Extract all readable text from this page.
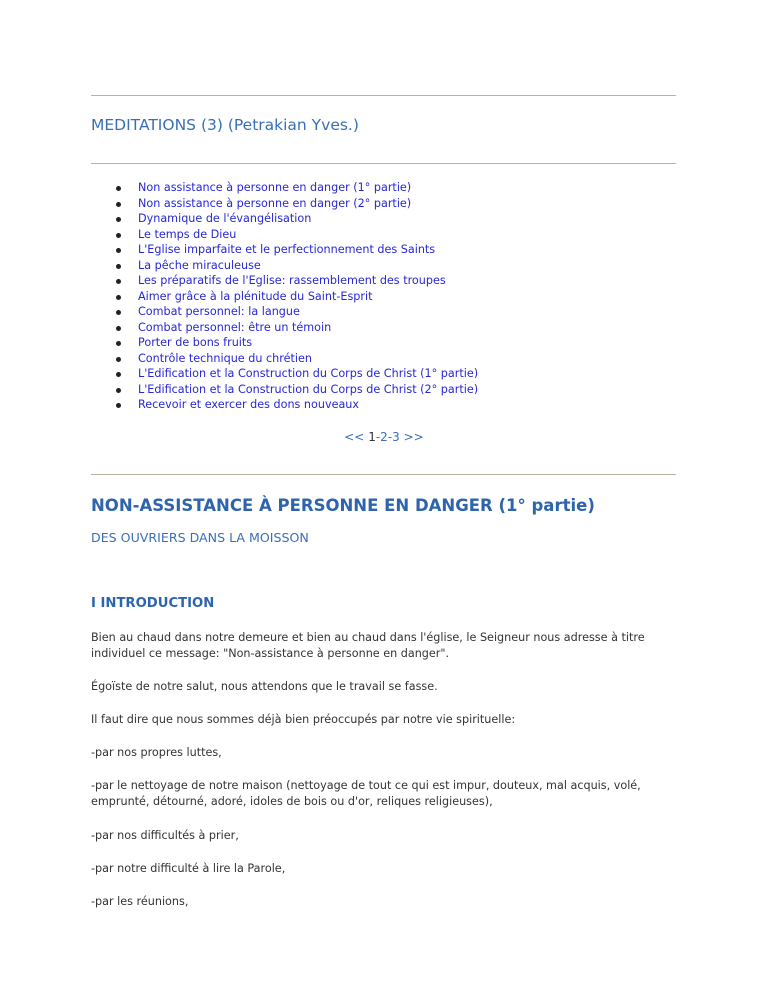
MEDITATIONS (3) (Petrakian Yves.)
Non assistance à personne en danger (1° partie)
Non assistance à personne en danger (2° partie)
Dynamique de l'évangélisation
Le temps de Dieu
L'Eglise imparfaite et le perfectionnement des Saints
La pêche miraculeuse
Les préparatifs de l'Eglise: rassemblement des troupes
Aimer grâce à la plénitude du Saint-Esprit
Combat personnel: la langue
Combat personnel: être un témoin
Porter de bons fruits
Contrôle technique du chrétien
L'Edification et la Construction du Corps de Christ (1° partie)
L'Edification et la Construction du Corps de Christ (2° partie)
Recevoir et exercer des dons nouveaux
<< 1-2-3 >>
NON-ASSISTANCE À PERSONNE EN DANGER (1° partie)
DES OUVRIERS DANS LA MOISSON
I INTRODUCTION

Bien au chaud dans notre demeure et bien au chaud dans l'église, le Seigneur nous adresse à titre individuel ce message: "Non-assistance à personne en danger".

Égoïste de notre salut, nous attendons que le travail se fasse.

Il faut dire que nous sommes déjà bien préoccupés par notre vie spirituelle:

-par nos propres luttes,

-par le nettoyage de notre maison (nettoyage de tout ce qui est impur, douteux, mal acquis, volé, emprunté, détourné, adoré, idoles de bois ou d'or, reliques religieuses),

-par nos difficultés à prier,

-par notre difficulté à lire la Parole,

-par les réunions,
